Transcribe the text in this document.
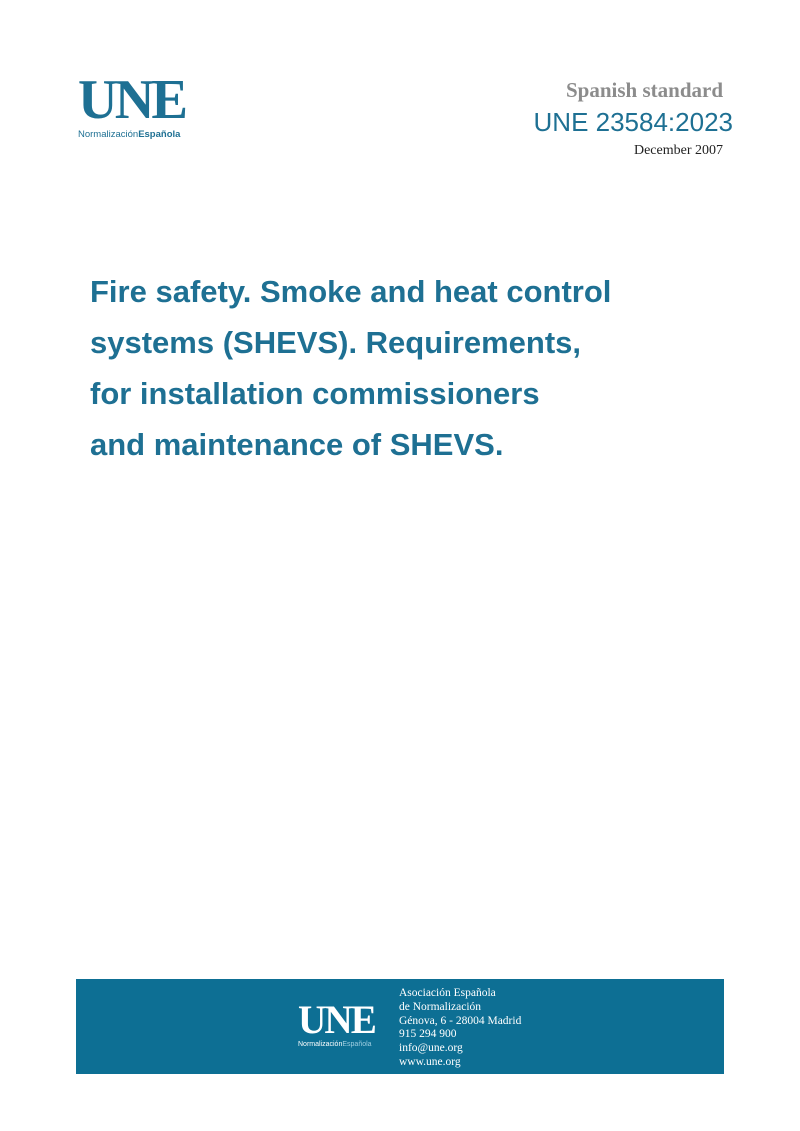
UNE
NormalizaciónEspañola
Spanish standard
UNE 23584:2023
December 2007
Fire safety. Smoke and heat control
systems (SHEVS). Requirements,
for installation commissioners
and maintenance of SHEVS.
UNE
NormalizaciónEspañola
Asociación Española
de Normalización
Génova, 6 - 28004 Madrid
915 294 900
info@une.org
www.une.org
